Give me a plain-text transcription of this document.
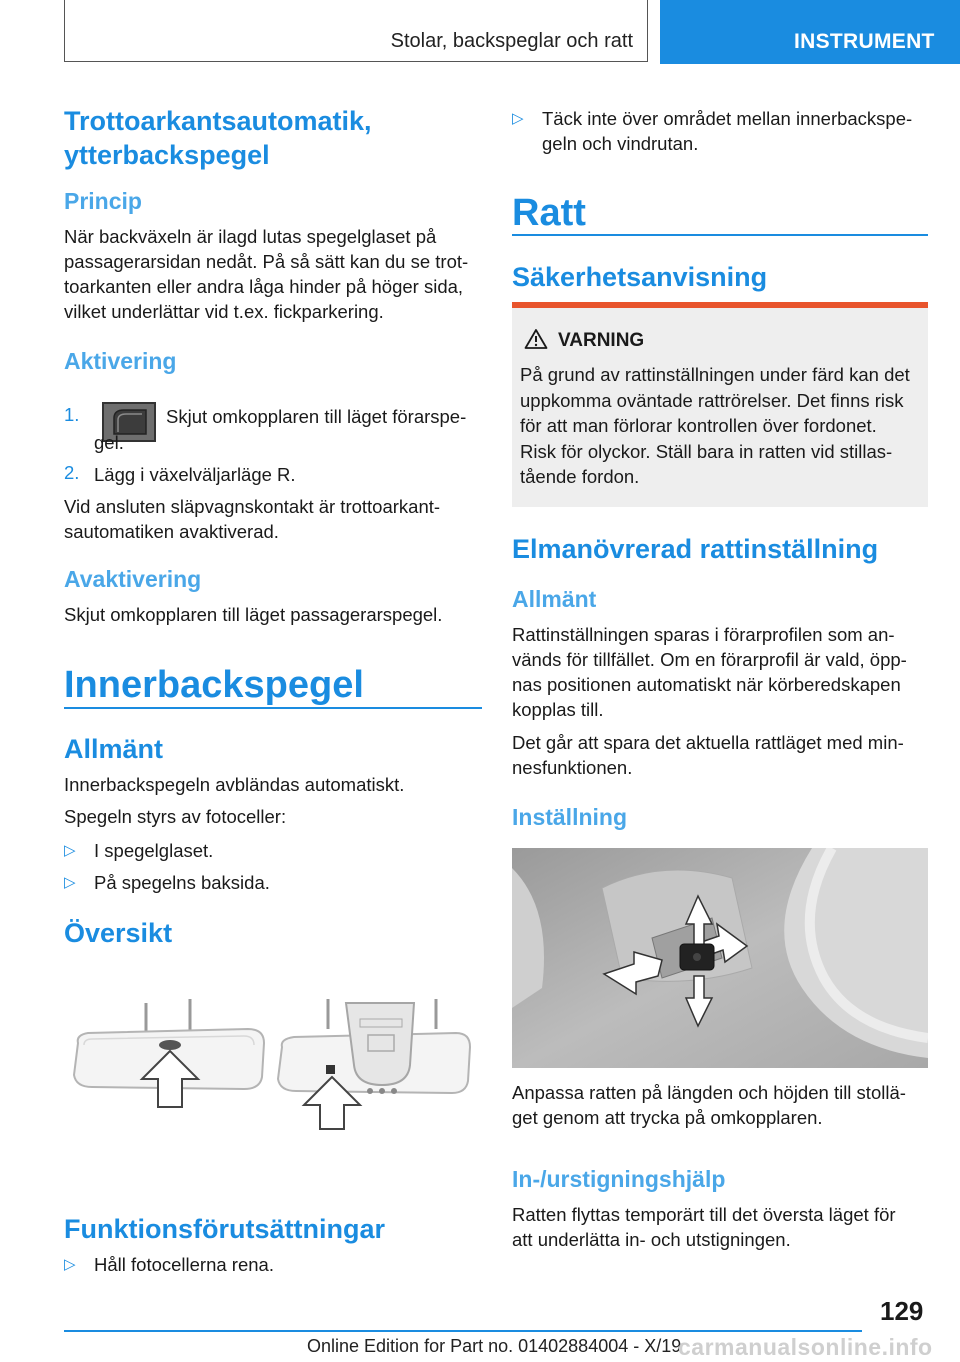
Stolar, backspeglar och ratt	INSTRUMENT
Trottoarkantsautomatik,
ytterbackspegel
Princip
När backväxeln är ilagd lutas spegelglaset på
passagerarsidan nedåt. På så sätt kan du se trot-
toarkanten eller andra låga hinder på höger sida,
vilket underlättar vid t.ex. fickparkering.
Aktivering
1.	Skjut omkopplaren till läget förarspe-
gel.
2. Lägg i växelväljarläge R.
Vid ansluten släpvagnskontakt är trottoarkant-
sautomatiken avaktiverad.
Avaktivering
Skjut omkopplaren till läget passagerarspegel.
Innerbackspegel
Allmänt
Innerbackspegeln avbländas automatiskt.
Spegeln styrs av fotoceller:
▷ I spegelglaset.
▷ På spegelns baksida.
Översikt
Funktionsförutsättningar
▷ Håll fotocellerna rena.
▷ Täck inte över området mellan innerbackspe-
geln och vindrutan.
Ratt
Säkerhetsanvisning
VARNING
På grund av rattinställningen under färd kan det
uppkomma oväntade rattrörelser. Det finns risk
för att man förlorar kontrollen över fordonet.
Risk för olyckor. Ställ bara in ratten vid stillas-
tående fordon.
Elmanövrerad rattinställning
Allmänt
Rattinställningen sparas i förarprofilen som an-
vänds för tillfället. Om en förarprofil är vald, öpp-
nas positionen automatiskt när körberedskapen
kopplas till.
Det går att spara det aktuella rattläget med min-
nesfunktionen.
Inställning
Anpassa ratten på längden och höjden till stollä-
get genom att trycka på omkopplaren.
In-/urstigningshjälp
Ratten flyttas temporärt till det översta läget för
att underlätta in- och utstigningen.
129
Online Edition for Part no. 01402884004 - X/19
carmanualsonline.info
